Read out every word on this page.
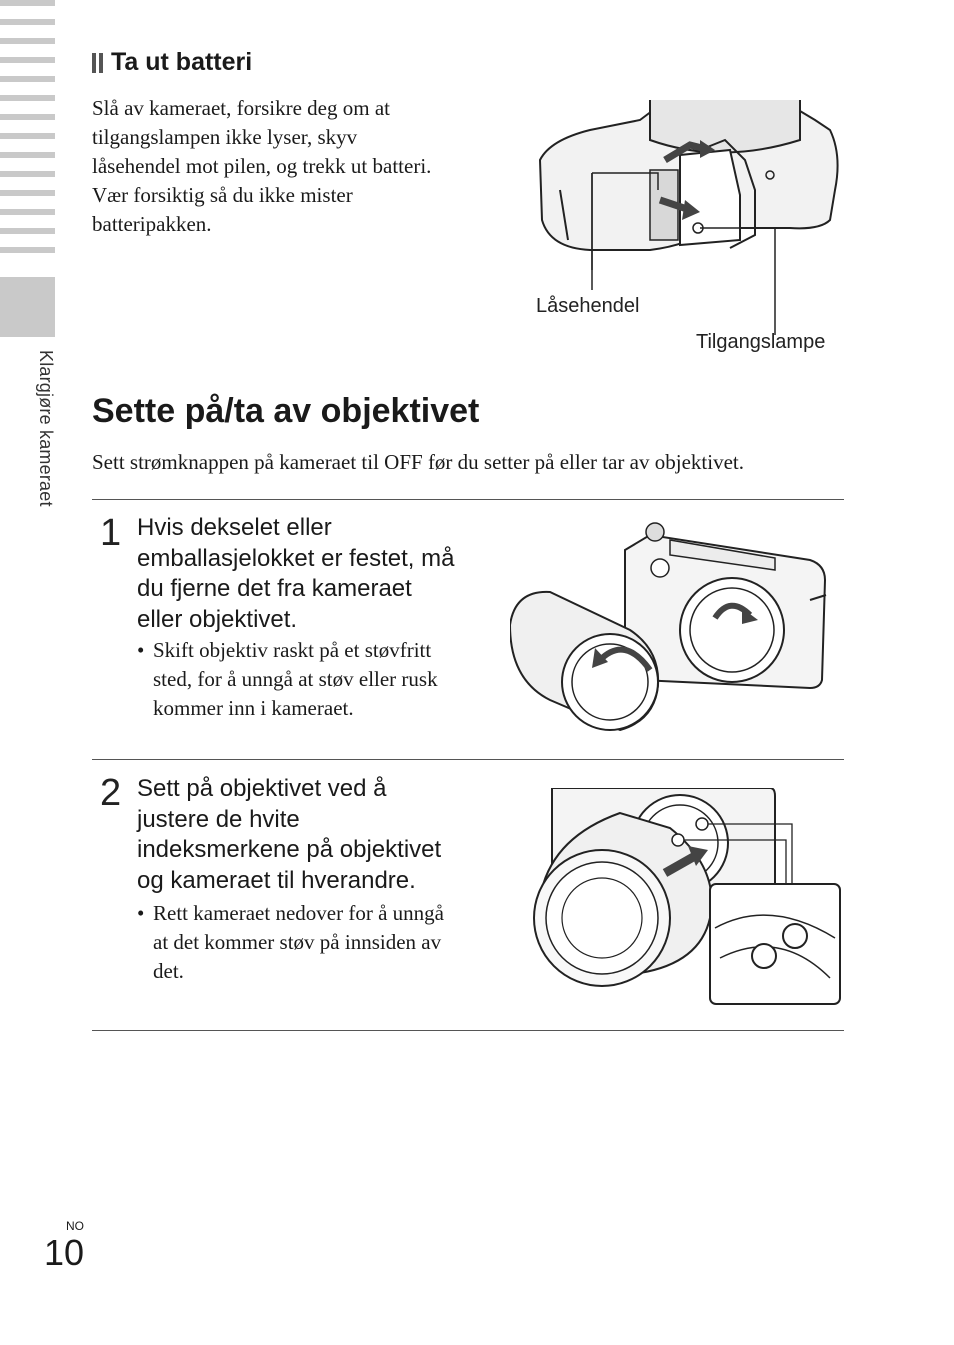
Klargjøre kameraet
Ta ut batteri
Slå av kameraet, forsikre deg om at
tilgangslampen ikke lyser, skyv
låsehendel mot pilen, og trekk ut batteri.
Vær forsiktig så du ikke mister
batteripakken.
Låsehendel
Tilgangslampe
Sette på/ta av objektivet
Sett strømknappen på kameraet til OFF før du setter på eller tar av objektivet.
1 Hvis dekselet eller
emballasjelokket er festet, må
du fjerne det fra kameraet
eller objektivet.
• Skift objektiv raskt på et støvfritt
sted, for å unngå at støv eller rusk
kommer inn i kameraet.
2 Sett på objektivet ved å
justere de hvite
indeksmerkene på objektivet
og kameraet til hverandre.
• Rett kameraet nedover for å unngå
at det kommer støv på innsiden av
det.
NO
10
